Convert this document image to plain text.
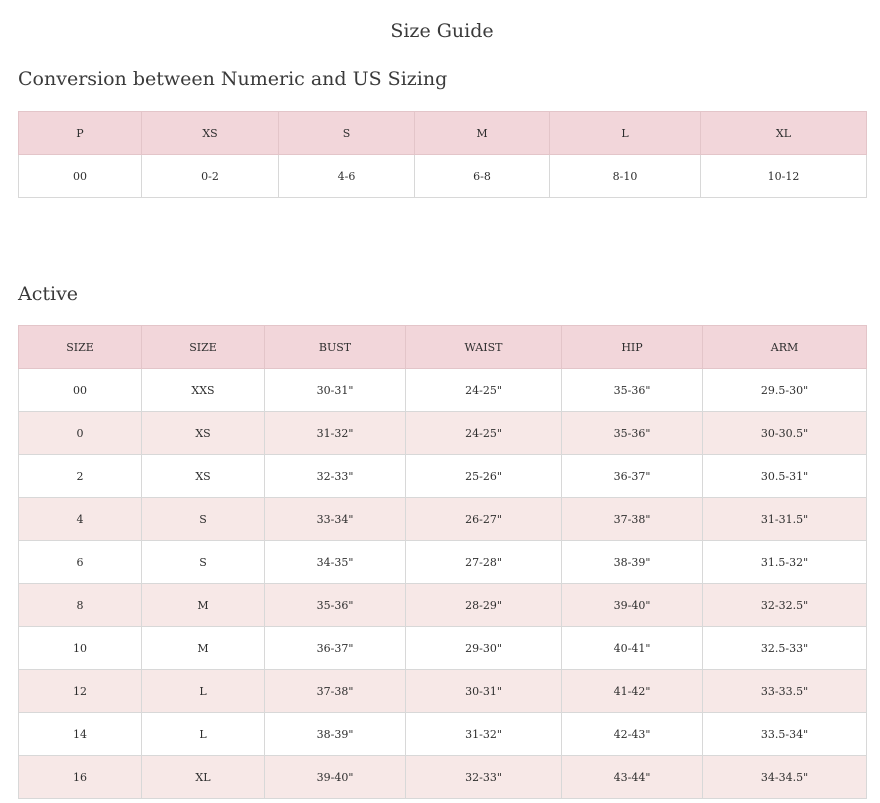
Size Guide
Conversion between Numeric and US Sizing
P	XS	S	M	L	XL
00	0-2	4-6	6-8	8-10	10-12
Active
SIZE	SIZE	BUST	WAIST	HIP	ARM
00	XXS	30-31"	24-25"	35-36"	29.5-30"
0	XS	31-32"	24-25"	35-36"	30-30.5"
2	XS	32-33"	25-26"	36-37"	30.5-31"
4	S	33-34"	26-27"	37-38"	31-31.5"
6	S	34-35"	27-28"	38-39"	31.5-32"
8	M	35-36"	28-29"	39-40"	32-32.5"
10	M	36-37"	29-30"	40-41"	32.5-33"
12	L	37-38"	30-31"	41-42"	33-33.5"
14	L	38-39"	31-32"	42-43"	33.5-34"
16	XL	39-40"	32-33"	43-44"	34-34.5"
